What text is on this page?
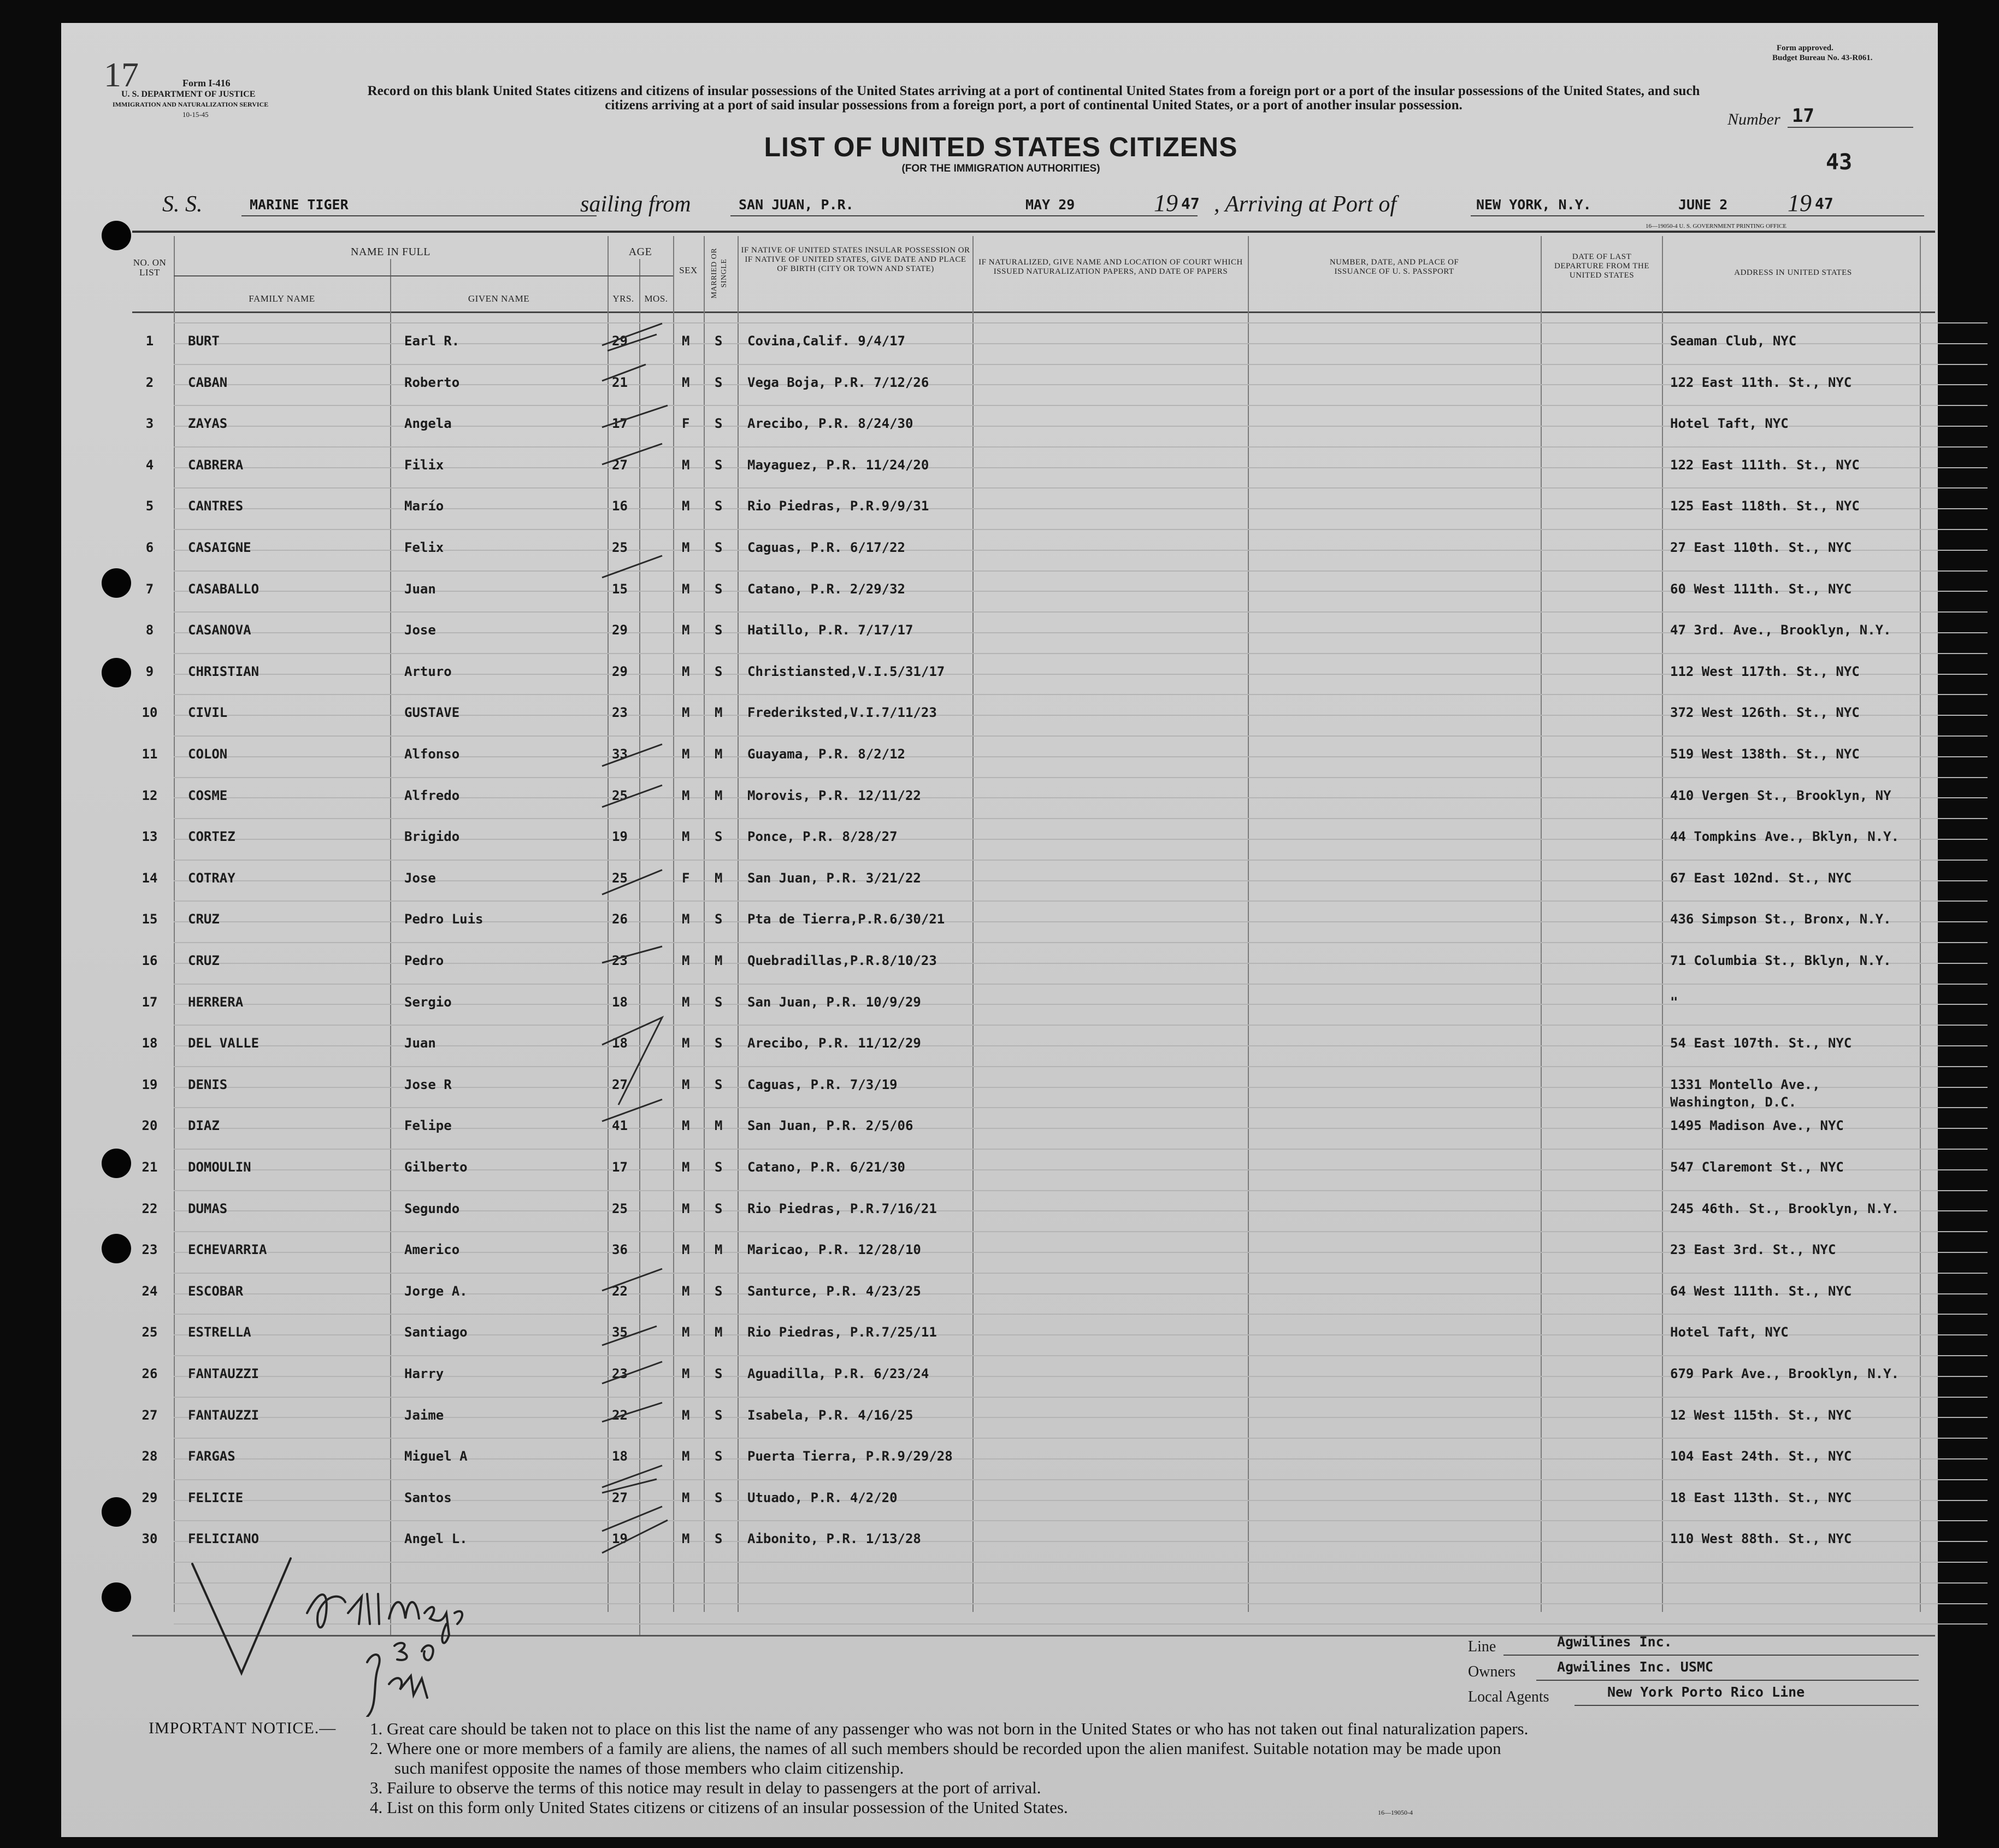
17	Form I-416
U. S. DEPARTMENT OF JUSTICE
IMMIGRATION AND NATURALIZATION SERVICE
10-15-45
Form approved.
Budget Bureau No. 43-R061.
Number 17
43
Record on this blank United States citizens and citizens of insular possessions of the United States arriving at a port of continental United States from a foreign port or a port of the insular possessions of the United States, and such citizens arriving at a port of said insular possessions from a foreign port, a port of continental United States, or a port of another insular possession.
LIST OF UNITED STATES CITIZENS
(FOR THE IMMIGRATION AUTHORITIES)
S. S.	MARINE TIGER	sailing from	SAN JUAN, P.R.	MAY 29	19 47 , Arriving at Port of	NEW YORK, N.Y.	JUNE 2 19 47
16—19050-4 U. S. GOVERNMENT PRINTING OFFICE
NO. ON LIST
NAME IN FULL
FAMILY NAME	GIVEN NAME
AGE
YRS.	MOS.
SEX	MARRIED OR SINGLE
IF NATIVE OF UNITED STATES INSULAR POSSESSION OR IF NATIVE OF UNITED STATES, GIVE DATE AND PLACE OF BIRTH (CITY OR TOWN AND STATE)
IF NATURALIZED, GIVE NAME AND LOCATION OF COURT WHICH ISSUED NATURALIZATION PAPERS, AND DATE OF PAPERS
NUMBER, DATE, AND PLACE OF ISSUANCE OF U. S. PASSPORT
DATE OF LAST DEPARTURE FROM THE UNITED STATES	ADDRESS IN UNITED STATES
1	BURT	Earl R.	29	M S Covina,Calif. 9/4/17	Seaman Club, NYC
2	CABAN	Roberto	21	M S Vega Boja, P.R. 7/12/26	122 East 11th. St., NYC
3	ZAYAS	Angela	17	F S Arecibo, P.R. 8/24/30	Hotel Taft, NYC
4	CABRERA	Filix	27	M S Mayaguez, P.R. 11/24/20	122 East 111th. St., NYC
5	CANTRES	Marío	16	M S Rio Piedras, P.R.9/9/31	125 East 118th. St., NYC
6	CASAIGNE	Felix	25	M S Caguas, P.R. 6/17/22	27 East 110th. St., NYC
7	CASABALLO	Juan	15	M S Catano, P.R. 2/29/32	60 West 111th. St., NYC
8	CASANOVA	Jose	29	M S Hatillo, P.R. 7/17/17	47 3rd. Ave., Brooklyn, N.Y.
9	CHRISTIAN	Arturo	29	M S Christiansted,V.I.5/31/17	112 West 117th. St., NYC
10	CIVIL	GUSTAVE	23	M M Frederiksted,V.I.7/11/23	372 West 126th. St., NYC
11	COLON	Alfonso	33	M M Guayama, P.R. 8/2/12	519 West 138th. St., NYC
12	COSME	Alfredo	25	M M Morovis, P.R. 12/11/22	410 Vergen St., Brooklyn, NY
13	CORTEZ	Brigido	19	M S Ponce, P.R. 8/28/27	44 Tompkins Ave., Bklyn, N.Y.
14	COTRAY	Jose	25	F M San Juan, P.R. 3/21/22	67 East 102nd. St., NYC
15	CRUZ	Pedro Luis	26	M S Pta de Tierra,P.R.6/30/21	436 Simpson St., Bronx, N.Y.
16	CRUZ	Pedro	23	M M Quebradillas,P.R.8/10/23	71 Columbia St., Bklyn, N.Y.
17	HERRERA	Sergio	18	M S San Juan, P.R. 10/9/29	"
18	DEL VALLE	Juan	18	M S Arecibo, P.R. 11/12/29	54 East 107th. St., NYC
19	DENIS	Jose R	27	M S Caguas, P.R. 7/3/19	1331 Montello Ave.,
Washington, D.C.
20	DIAZ	Felipe	41	M M San Juan, P.R. 2/5/06	1495 Madison Ave., NYC
21	DOMOULIN	Gilberto	17	M S Catano, P.R. 6/21/30	547 Claremont St., NYC
22	DUMAS	Segundo	25	M S Rio Piedras, P.R.7/16/21	245 46th. St., Brooklyn, N.Y.
23	ECHEVARRIA	Americo	36	M M Maricao, P.R. 12/28/10	23 East 3rd. St., NYC
24	ESCOBAR	Jorge A.	22	M S Santurce, P.R. 4/23/25	64 West 111th. St., NYC
25	ESTRELLA	Santiago	35	M M Rio Piedras, P.R.7/25/11	Hotel Taft, NYC
26	FANTAUZZI	Harry	23	M S Aguadilla, P.R. 6/23/24	679 Park Ave., Brooklyn, N.Y.
27	FANTAUZZI	Jaime	22	M S Isabela, P.R. 4/16/25	12 West 115th. St., NYC
28	FARGAS	Miguel A	18	M S Puerta Tierra, P.R.9/29/28	104 East 24th. St., NYC
29	FELICIE	Santos	27	M S Utuado, P.R. 4/2/20	18 East 113th. St., NYC
30	FELICIANO	Angel L.	19	M S Aibonito, P.R. 1/13/28	110 West 88th. St., NYC
Line	Agwilines Inc.
Owners	Agwilines Inc. USMC
Local Agents	New York Porto Rico Line
IMPORTANT NOTICE.— 1. Great care should be taken not to place on this list the name of any passenger who was not born in the United States or who has not taken out final naturalization papers.
2. Where one or more members of a family are aliens, the names of all such members should be recorded upon the alien manifest. Suitable notation may be made upon
such manifest opposite the names of those members who claim citizenship.
3. Failure to observe the terms of this notice may result in delay to passengers at the port of arrival.
4. List on this form only United States citizens or citizens of an insular possession of the United States.	16—19050-4
